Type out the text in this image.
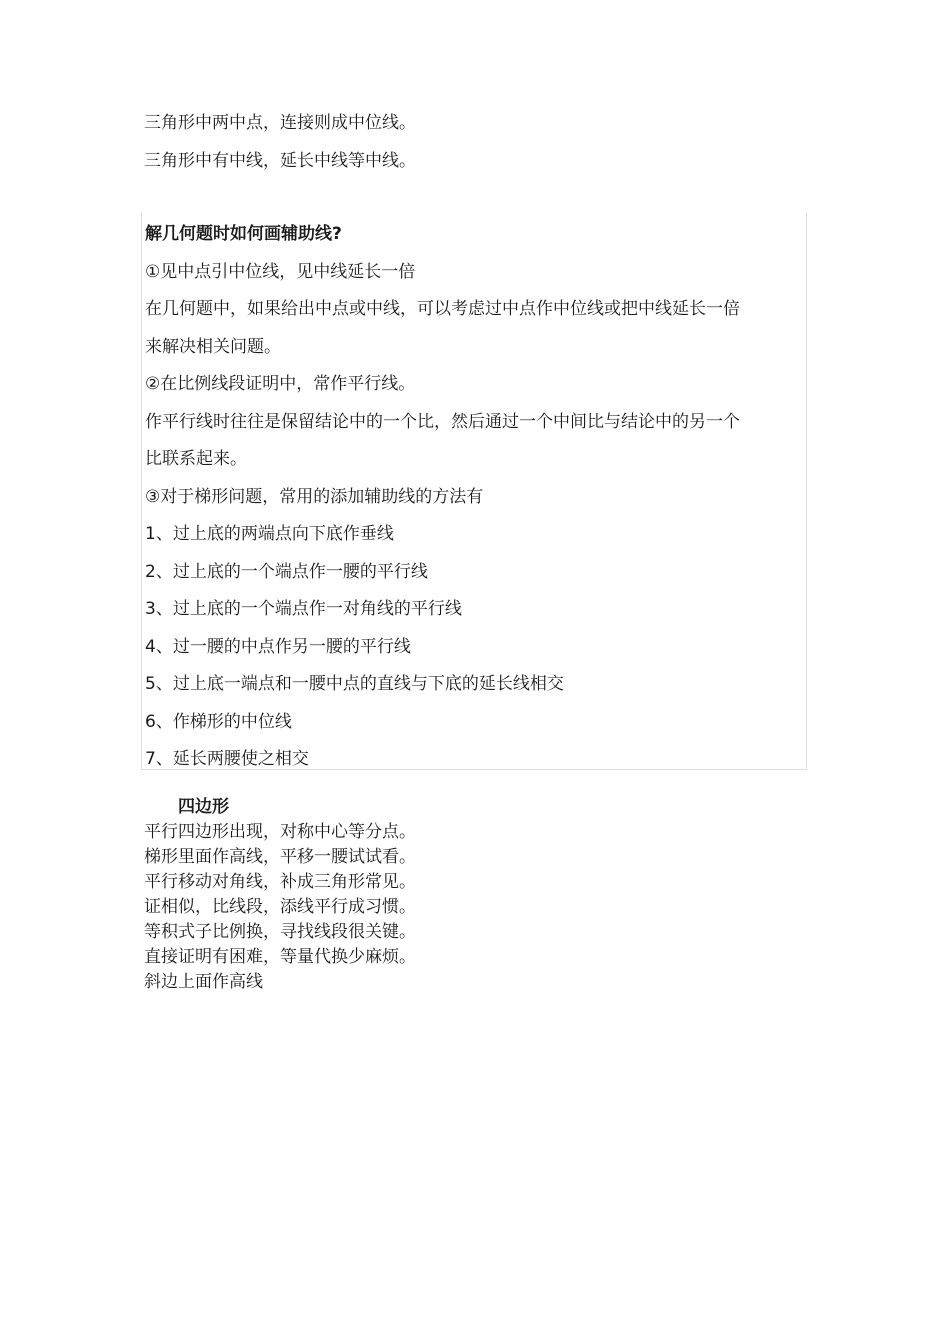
三角形中两中点，连接则成中位线。
三角形中有中线，延长中线等中线。
解几何题时如何画辅助线?
①见中点引中位线，见中线延长一倍
在几何题中，如果给出中点或中线，可以考虑过中点作中位线或把中线延长一倍
来解决相关问题。
②在比例线段证明中，常作平行线。
作平行线时往往是保留结论中的一个比，然后通过一个中间比与结论中的另一个
比联系起来。
③对于梯形问题，常用的添加辅助线的方法有
1、过上底的两端点向下底作垂线
2、过上底的一个端点作一腰的平行线
3、过上底的一个端点作一对角线的平行线
4、过一腰的中点作另一腰的平行线
5、过上底一端点和一腰中点的直线与下底的延长线相交
6、作梯形的中位线
7、延长两腰使之相交
四边形
平行四边形出现，对称中心等分点。
梯形里面作高线，平移一腰试试看。
平行移动对角线，补成三角形常见。
证相似，比线段，添线平行成习惯。
等积式子比例换，寻找线段很关键。
直接证明有困难，等量代换少麻烦。
斜边上面作高线
